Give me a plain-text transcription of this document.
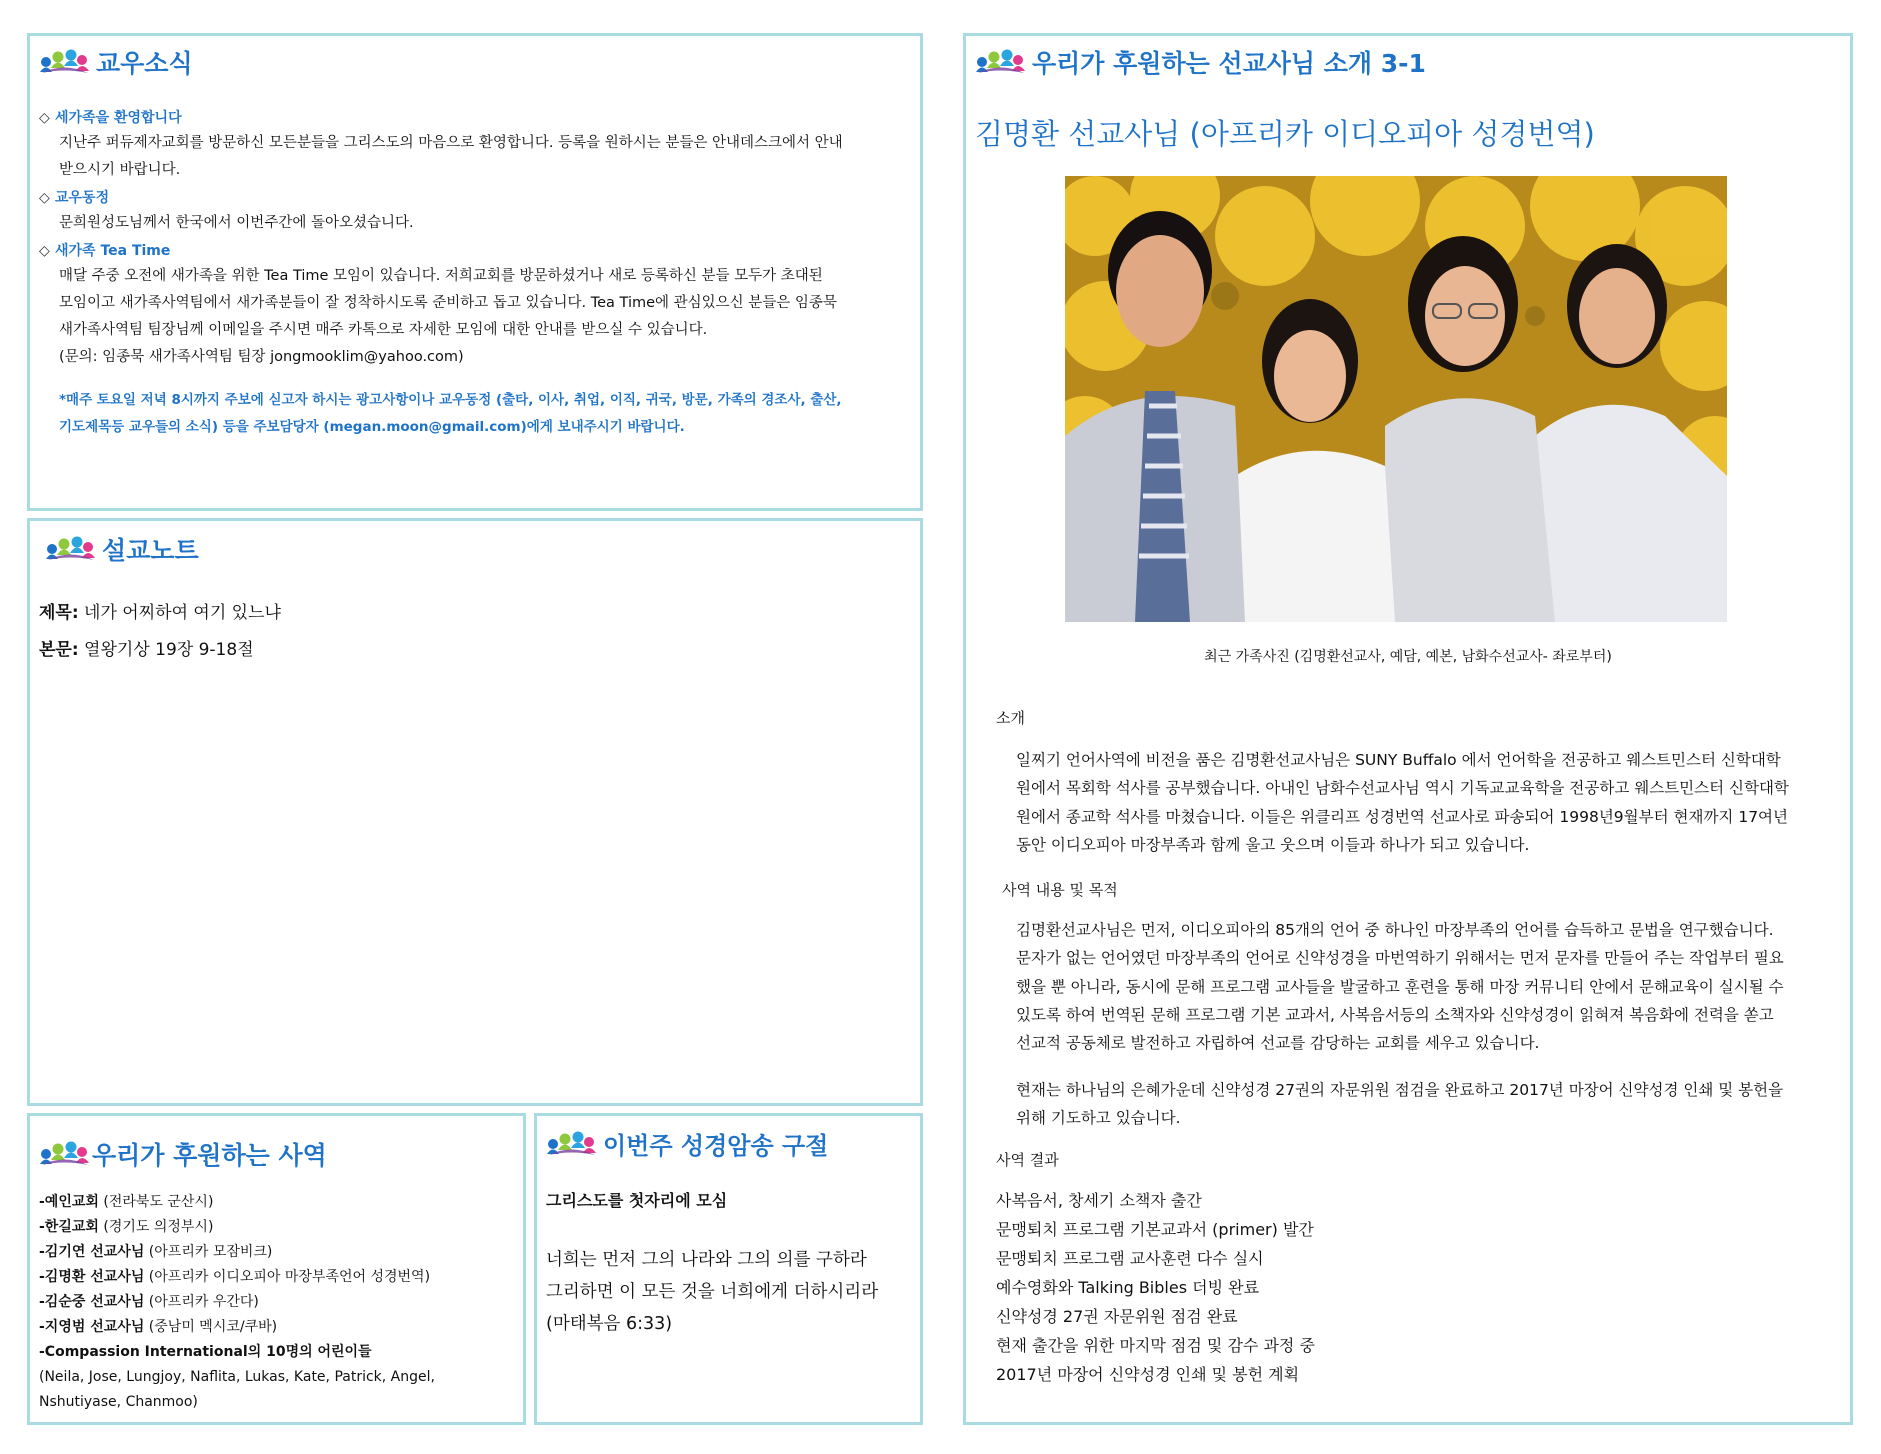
교우소식
◇ 세가족을 환영합니다
지난주 퍼듀제자교회를 방문하신 모든분들을 그리스도의 마음으로 환영합니다. 등록을 원하시는 분들은 안내데스크에서 안내
받으시기 바랍니다.
◇ 교우동정
문희원성도님께서 한국에서 이번주간에 돌아오셨습니다.
◇ 새가족 Tea Time
매달 주중 오전에 새가족을 위한 Tea Time 모임이 있습니다. 저희교회를 방문하셨거나 새로 등록하신 분들 모두가 초대된
모임이고 새가족사역팀에서 새가족분들이 잘 정착하시도록 준비하고 돕고 있습니다. Tea Time에 관심있으신 분들은 임종묵
새가족사역팀 팀장님께 이메일을 주시면 매주 카톡으로 자세한 모임에 대한 안내를 받으실 수 있습니다.
(문의: 임종묵 새가족사역팀 팀장 jongmooklim@yahoo.com)
*매주 토요일 저녁 8시까지 주보에 싣고자 하시는 광고사항이나 교우동정 (출타, 이사, 취업, 이직, 귀국, 방문, 가족의 경조사, 출산,
기도제목등 교우들의 소식) 등을 주보담당자 (megan.moon@gmail.com)에게 보내주시기 바랍니다.
설교노트
제목: 네가 어찌하여 여기 있느냐
본문: 열왕기상 19장 9-18절
우리가 후원하는 사역
-예인교회 (전라북도 군산시)
-한길교회 (경기도 의정부시)
-김기연 선교사님 (아프리카 모잠비크)
-김명환 선교사님 (아프리카 이디오피아 마장부족언어 성경번역)
-김순중 선교사님 (아프리카 우간다)
-지영범 선교사님 (중남미 멕시코/쿠바)
-Compassion International의 10명의 어린이들
(Neila, Jose, Lungjoy, Naflita, Lukas, Kate, Patrick, Angel,
Nshutiyase, Chanmoo)
이번주 성경암송 구절
그리스도를 첫자리에 모심
너희는 먼저 그의 나라와 그의 의를 구하라
그리하면 이 모든 것을 너희에게 더하시리라
(마태복음 6:33)
우리가 후원하는 선교사님 소개 3-1
김명환 선교사님 (아프리카 이디오피아 성경번역)
최근 가족사진 (김명환선교사, 예담, 예본, 남화수선교사- 좌로부터)
소개
일찌기 언어사역에 비전을 품은 김명환선교사님은 SUNY Buffalo 에서 언어학을 전공하고 웨스트민스터 신학대학
원에서 목회학 석사를 공부했습니다. 아내인 남화수선교사님 역시 기독교교육학을 전공하고 웨스트민스터 신학대학
원에서 종교학 석사를 마쳤습니다. 이들은 위클리프 성경번역 선교사로 파송되어 1998년9월부터 현재까지 17여년
동안 이디오피아 마장부족과 함께 울고 웃으며 이들과 하나가 되고 있습니다.
사역 내용 및 목적
김명환선교사님은 먼저, 이디오피아의 85개의 언어 중 하나인 마장부족의 언어를 습득하고 문법을 연구했습니다.
문자가 없는 언어였던 마장부족의 언어로 신약성경을 마번역하기 위해서는 먼저 문자를 만들어 주는 작업부터 필요
했을 뿐 아니라, 동시에 문해 프로그램 교사들을 발굴하고 훈련을 통해 마장 커뮤니티 안에서 문해교육이 실시될 수
있도록 하여 번역된 문해 프로그램 기본 교과서, 사복음서등의 소책자와 신약성경이 읽혀져 복음화에 전력을 쏟고
선교적 공동체로 발전하고 자립하여 선교를 감당하는 교회를 세우고 있습니다.
현재는 하나님의 은혜가운데 신약성경 27권의 자문위원 점검을 완료하고 2017년 마장어 신약성경 인쇄 및 봉헌을
위해 기도하고 있습니다.
사역 결과
사복음서, 창세기 소책자 출간
문맹퇴치 프로그램 기본교과서 (primer) 발간
문맹퇴치 프로그램 교사훈련 다수 실시
예수영화와 Talking Bibles 더빙 완료
신약성경 27권 자문위원 점검 완료
현재 출간을 위한 마지막 점검 및 감수 과정 중
2017년 마장어 신약성경 인쇄 및 봉헌 계획
